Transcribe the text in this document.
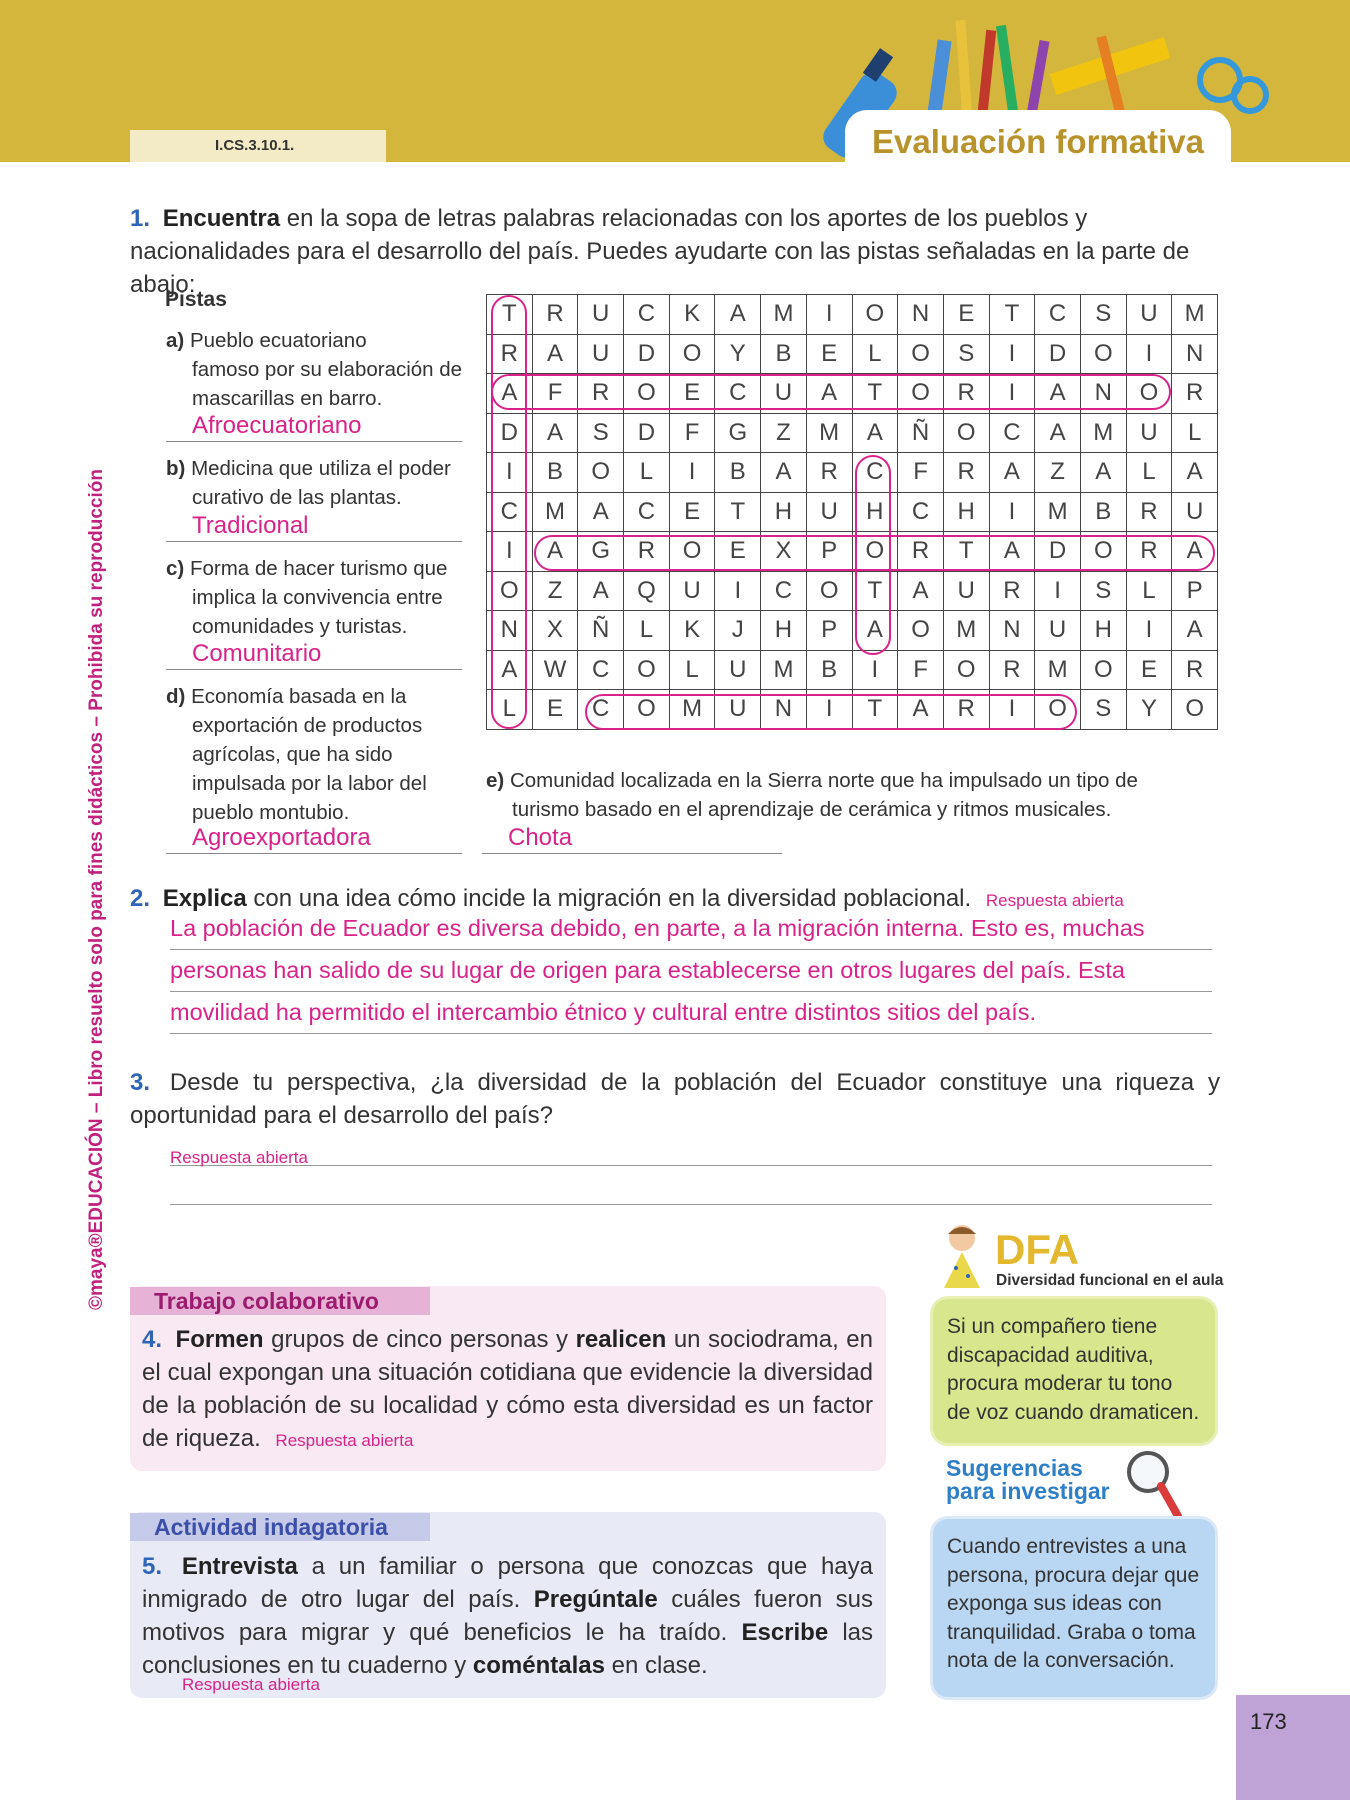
I.CS.3.10.1.	Evaluación formativa
©maya®EDUCACIÓN – Libro resuelto solo para fines didácticos – Prohibida su reproducción
1. Encuentra en la sopa de letras palabras relacionadas con los aportes de los pueblos y nacionalidades para el desarrollo del país. Puedes ayudarte con las pistas señaladas en la parte de abajo:
Pistas
a) Pueblo ecuatoriano
famoso por su elaboración de mascarillas en barro.
Afroecuatoriano
b) Medicina que utiliza el poder
curativo de las plantas.
Tradicional
c) Forma de hacer turismo que
implica la convivencia entre comunidades y turistas.
Comunitario
d) Economía basada en la
exportación de productos agrícolas, que ha sido impulsada por la labor del pueblo montubio.
Agroexportadora
T	R	U	C	K	A	M	I	O	N	E	T	C	S	U	M
R	A	U	D	O	Y	B	E	L	O	S	I	D	O	I	N
A	F	R	O	E	C	U	A	T	O	R	I	A	N	O	R
D	A	S	D	F	G	Z	M	A	Ñ	O	C	A	M	U	L
I	B	O	L	I	B	A	R	C	F	R	A	Z	A	L	A
C	M	A	C	E	T	H	U	H	C	H	I	M	B	R	U
I	A	G	R	O	E	X	P	O	R	T	A	D	O	R	A
O	Z	A	Q	U	I	C	O	T	A	U	R	I	S	L	P
N	X	Ñ	L	K	J	H	P	A	O	M	N	U	H	I	A
A	W	C	O	L	U	M	B	I	F	O	R	M	O	E	R
L	E	C	O	M	U	N	I	T	A	R	I	O	S	Y	O
e) Comunidad localizada en la Sierra norte que ha impulsado un tipo de
turismo basado en el aprendizaje de cerámica y ritmos musicales.
Chota
2. Explica con una idea cómo incide la migración en la diversidad poblacional. Respuesta abierta
La población de Ecuador es diversa debido, en parte, a la migración interna. Esto es, muchas
personas han salido de su lugar de origen para establecerse en otros lugares del país. Esta
movilidad ha permitido el intercambio étnico y cultural entre distintos sitios del país.
3. Desde tu perspectiva, ¿la diversidad de la población del Ecuador constituye una riqueza y oportunidad para el desarrollo del país?
Respuesta abierta
Trabajo colaborativo
4. Formen grupos de cinco personas y realicen un sociodrama, en el cual expongan una situación cotidiana que evidencie la diversidad de la población de su localidad y cómo esta diversidad es un factor de riqueza. Respuesta abierta
Actividad indagatoria
5. Entrevista a un familiar o persona que conozcas que haya inmigrado de otro lugar del país. Pregúntale cuáles fueron sus motivos para migrar y qué beneficios le ha traído. Escribe las conclusiones en tu cuaderno y coméntalas en clase.
Respuesta abierta
DFA
Diversidad funcional en el aula
Si un compañero tiene discapacidad auditiva, procura moderar tu tono de voz cuando dramaticen.
Sugerencias
para investigar
Cuando entrevistes a una persona, procura dejar que exponga sus ideas con tranquilidad. Graba o toma nota de la conversación.
173
